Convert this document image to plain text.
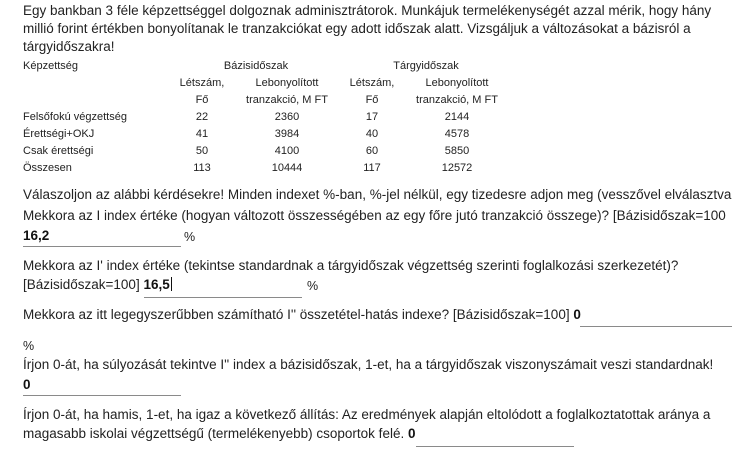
Egy bankban 3 féle képzettséggel dolgoznak adminisztrátorok. Munkájuk termelékenységét azzal mérik, hogy hány millió forint értékben bonyolítanak le tranzakciókat egy adott időszak alatt. Vizsgáljuk a változásokat a bázisról a tárgyidőszakra!
Képzettség	Bázisidőszak		Tárgyidőszak	
	Létszám,	Lebonyolított	Létszám,	Lebonyolított
	Fő	tranzakció, M FT	Fő	tranzakció, M FT
Felsőfokú végzettség	22	2360	17	2144
Érettségi+OKJ	41	3984	40	4578
Csak érettségi	50	4100	60	5850
Összesen	113	10444	117	12572
Válaszoljon az alábbi kérdésekre! Minden indexet %-ban, %-jel nélkül, egy tizedesre adjon meg (vesszővel elválasztva
Mekkora az I index értéke (hogyan változott összességében az egy főre jutó tranzakció összege)? [Bázisidőszak=100
16,2	%
Mekkora az I' index értéke (tekintse standardnak a tárgyidőszak végzettség szerinti foglalkozási szerkezetét)?
[Bázisidőszak=100] 16,5	%
Mekkora az itt legegyszerűbben számítható I'' összetétel-hatás indexe? [Bázisidőszak=100] 0
%
Írjon 0-át, ha súlyozását tekintve I'' index a bázisidőszak, 1-et, ha a tárgyidőszak viszonyszámait veszi standardnak!
0
Írjon 0-át, ha hamis, 1-et, ha igaz a következő állítás: Az eredmények alapján eltolódott a foglalkoztatottak aránya a
magasabb iskolai végzettségű (termelékenyebb) csoportok felé. 0
